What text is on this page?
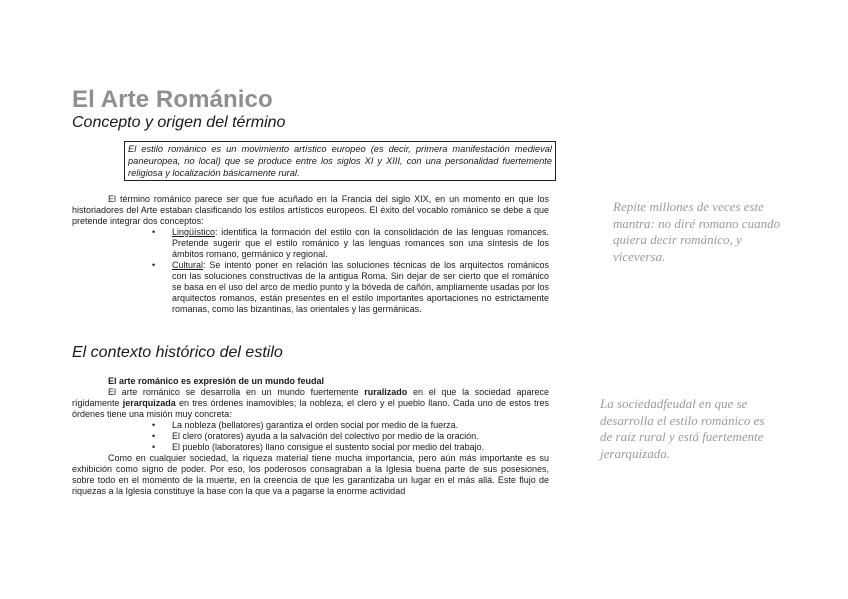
El Arte Románico
Concepto y origen del término
El estilo románico es un movimiento artístico europeo (es decir, primera manifestación medieval paneuropea, no local) que se produce entre los siglos XI y XIII, con una personalidad fuertemente religiosa y localización básicamente rural.

El término románico parece ser que fue acuñado en la Francia del siglo XIX, en un momento en que los historiadores del Arte estaban clasificando los estilos artísticos europeos. El éxito del vocablo románico se debe a que pretende integrar dos conceptos:

• Lingüístico: identifica la formación del estilo con la consolidación de las lenguas romances. Pretende sugerir que el estilo románico y las lenguas romances son una síntesis de los ámbitos romano, germánico y regional.
• Cultural: Se intentó poner en relación las soluciones técnicas de los arquitectos románicos con las soluciones constructivas de la antigua Roma. Sin dejar de ser cierto que el románico se basa en el uso del arco de medio punto y la bóveda de cañón, ampliamente usadas por los arquitectos romanos, están presentes en el estilo importantes aportaciones no estrictamente romanas, como las bizantinas, las orientales y las germánicas.
Repite millones de veces este mantra: no diré romano cuando quiera decir románico, y viceversa.
El contexto histórico del estilo

El arte románico es expresión de un mundo feudal

El arte románico se desarrolla en un mundo fuertemente ruralizado en el que la sociedad aparece rígidamente jerarquizada en tres órdenes inamovibles; la nobleza, el clero y el pueblo llano. Cada uno de estos tres órdenes tiene una misión muy concreta:

• La nobleza (bellatores) garantiza el orden social por medio de la fuerza.
• El clero (oratores) ayuda a la salvación del colectivo por medio de la oración.
• El pueblo (laboratores) llano consigue el sustento social por medio del trabajo.

Como en cualquier sociedad, la riqueza material tiene mucha importancia, pero aún más importante es su exhibición como signo de poder. Por eso, los poderosos consagraban a la Iglesia buena parte de sus posesiones, sobre todo en el momento de la muerte, en la creencia de que les garantizaba un lugar en el más allá. Este flujo de riquezas a la Iglesia constituye la base con la que va a pagarse la enorme actividad

La sociedadfeudal en que se desarrolla el estilo románico es de raíz rural y está fuertemente jerarquizada.
